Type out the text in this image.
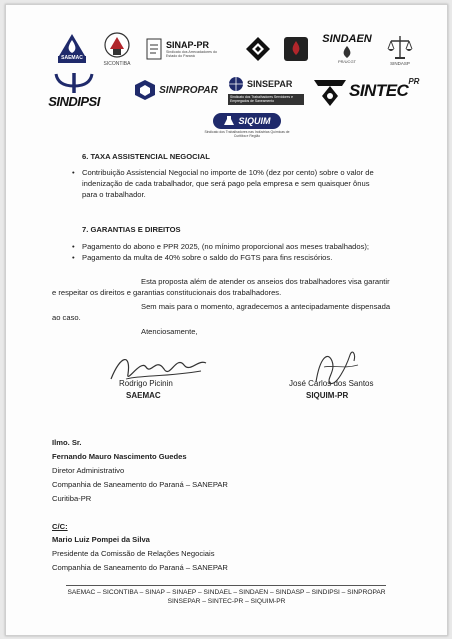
SAEMAC
SICONTIBA
SINAP-PR
Sindicato dos Arrecadadores do Estado do Paraná
SINDAEN
PR/UCGT	SINDASP
SINDIPSI
SINPROPAR
SINSEPAR
Sindicato dos Trabalhadores Servidores e Empregados de Saneamento
$SINTEC^{PR}$
SIQUIM
Sindicato dos Trabalhadores nas Indústrias Químicas de Curitiba e Região
6. TAXA ASSISTENCIAL NEGOCIAL
• Contribuição Assistencial Negocial no importe de 10% (dez por cento) sobre o valor de
indenização de cada trabalhador, que será pago pela empresa e sem quaisquer ônus
para o trabalhador.
7. GARANTIAS E DIREITOS
• Pagamento do abono e PPR 2025, (no mínimo proporcional aos meses trabalhados);
• Pagamento da multa de 40% sobre o saldo do FGTS para fins rescisórios.
Esta proposta além de atender os anseios dos trabalhadores visa garantir
e respeitar os direitos e garantias constitucionais dos trabalhadores.
Sem mais para o momento, agradecemos a antecipadamente dispensada
ao caso.
Atenciosamente,
Rodrigo Picinin
SAEMAC
José Carlos dos Santos
SIQUIM-PR
Ilmo. Sr.
Fernando Mauro Nascimento Guedes
Diretor Administrativo
Companhia de Saneamento do Paraná – SANEPAR
Curitiba-PR
C/C:
Mario Luiz Pompei da Silva
Presidente da Comissão de Relações Negociais
Companhia de Saneamento do Paraná – SANEPAR
SAEMAC – SICONTIBA – SINAP – SINAEP – SINDAEL – SINDAEN – SINDASP – SINDIPSI – SINPROPAR
SINSEPAR – SINTEC-PR – SIQUIM-PR
